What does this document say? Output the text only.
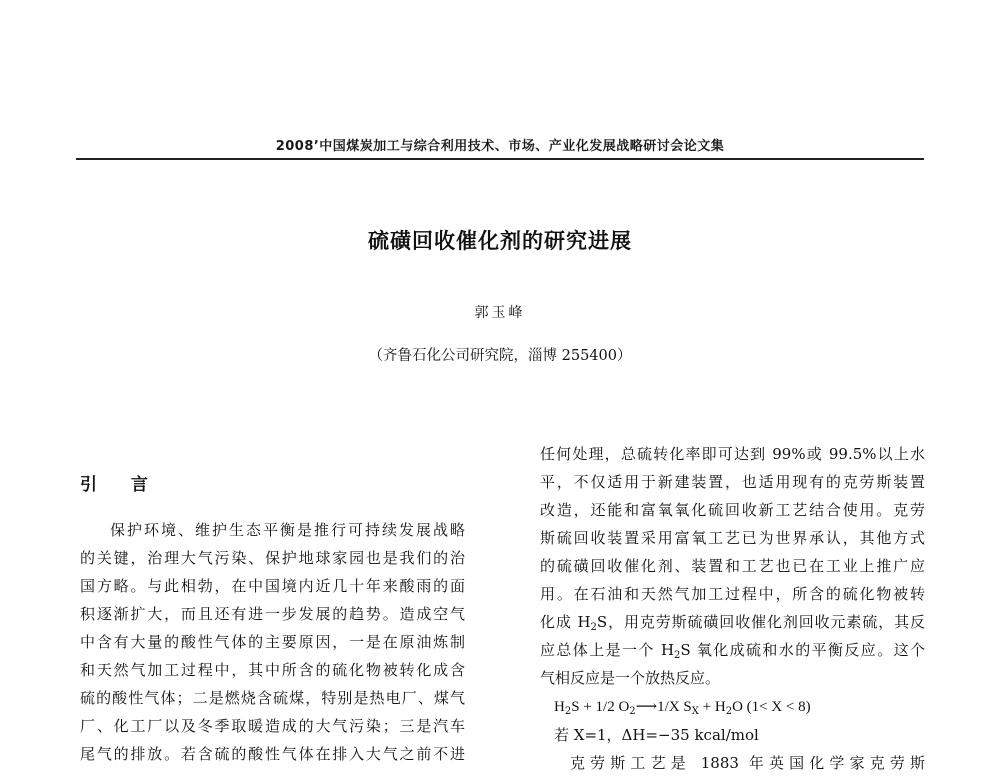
2008’中国煤炭加工与综合利用技术、市场、产业化发展战略研讨会论文集
硫磺回收催化剂的研究进展
郭玉峰
（齐鲁石化公司研究院，淄博 255400）
引 言
保护环境、维护生态平衡是推行可持续发展战略
的关键，治理大气污染、保护地球家园也是我们的治
国方略。与此相勃，在中国境内近几十年来酸雨的面
积逐渐扩大，而且还有进一步发展的趋势。造成空气
中含有大量的酸性气体的主要原因，一是在原油炼制
和天然气加工过程中，其中所含的硫化物被转化成含
硫的酸性气体；二是燃烧含硫煤，特别是热电厂、煤气
厂、化工厂以及冬季取暖造成的大气污染；三是汽车
尾气的排放。若含硫的酸性气体在排入大气之前不进
任何处理，总硫转化率即可达到 99%或 99.5%以上水
平，不仅适用于新建装置，也适用现有的克劳斯装置
改造，还能和富氧氧化硫回收新工艺结合使用。克劳
斯硫回收装置采用富氧工艺已为世界承认，其他方式
的硫磺回收催化剂、装置和工艺也已在工业上推广应
用。在石油和天然气加工过程中，所含的硫化物被转
化成 $H_2S$，用克劳斯硫磺回收催化剂回收元素硫，其反
应总体上是一个 $H_2S$ 氧化成硫和水的平衡反应。这个
气相反应是一个放热反应。
$H_2S + 1/2$ $O_2⟶1/X$ $S_X + H_2O$ (1< X < 8)
若 X=1，ΔH=−35 kcal/mol
克劳斯工艺是 1883 年英国化学家克劳斯
